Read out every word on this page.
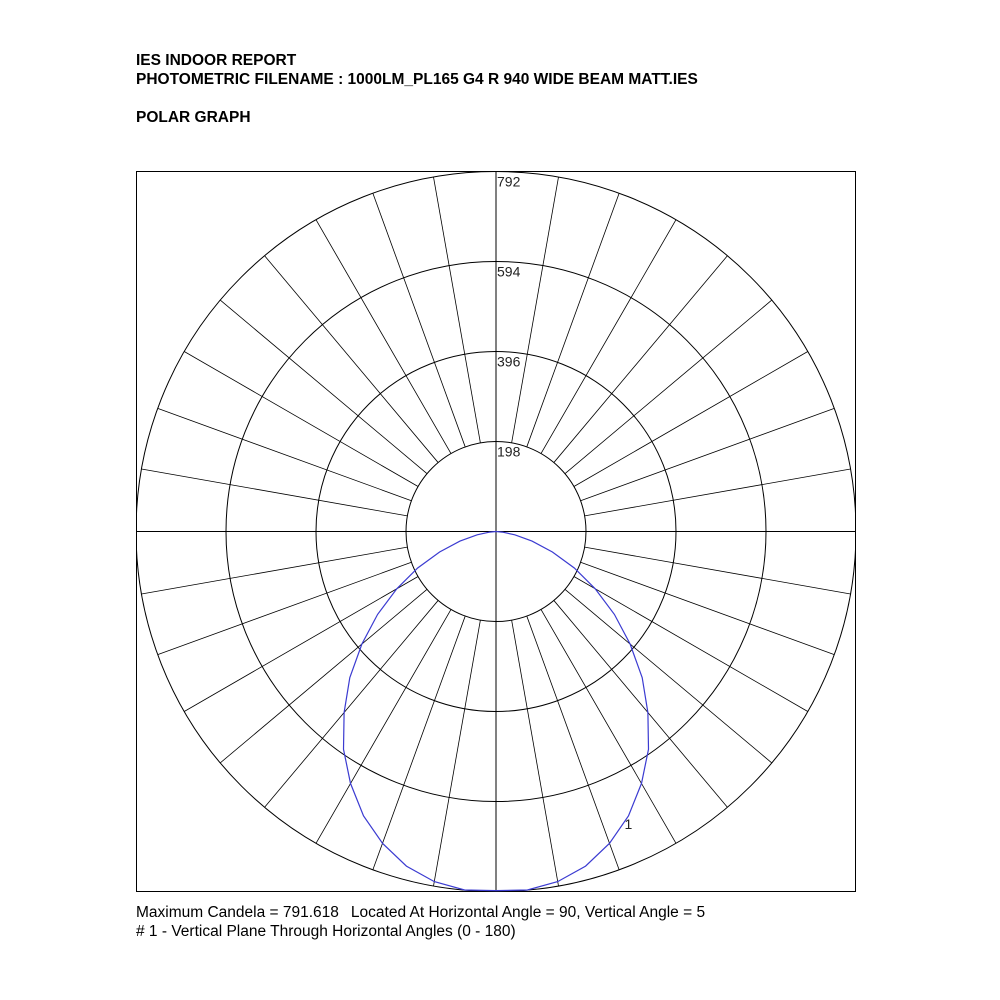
IES INDOOR REPORT
PHOTOMETRIC FILENAME : 1000LM_PL165 G4 R 940 WIDE BEAM MATT.IES
POLAR GRAPH
198
396
594
792
1
Maximum Candela = 791.618 Located At Horizontal Angle = 90, Vertical Angle = 5
# 1 - Vertical Plane Through Horizontal Angles (0 - 180)
